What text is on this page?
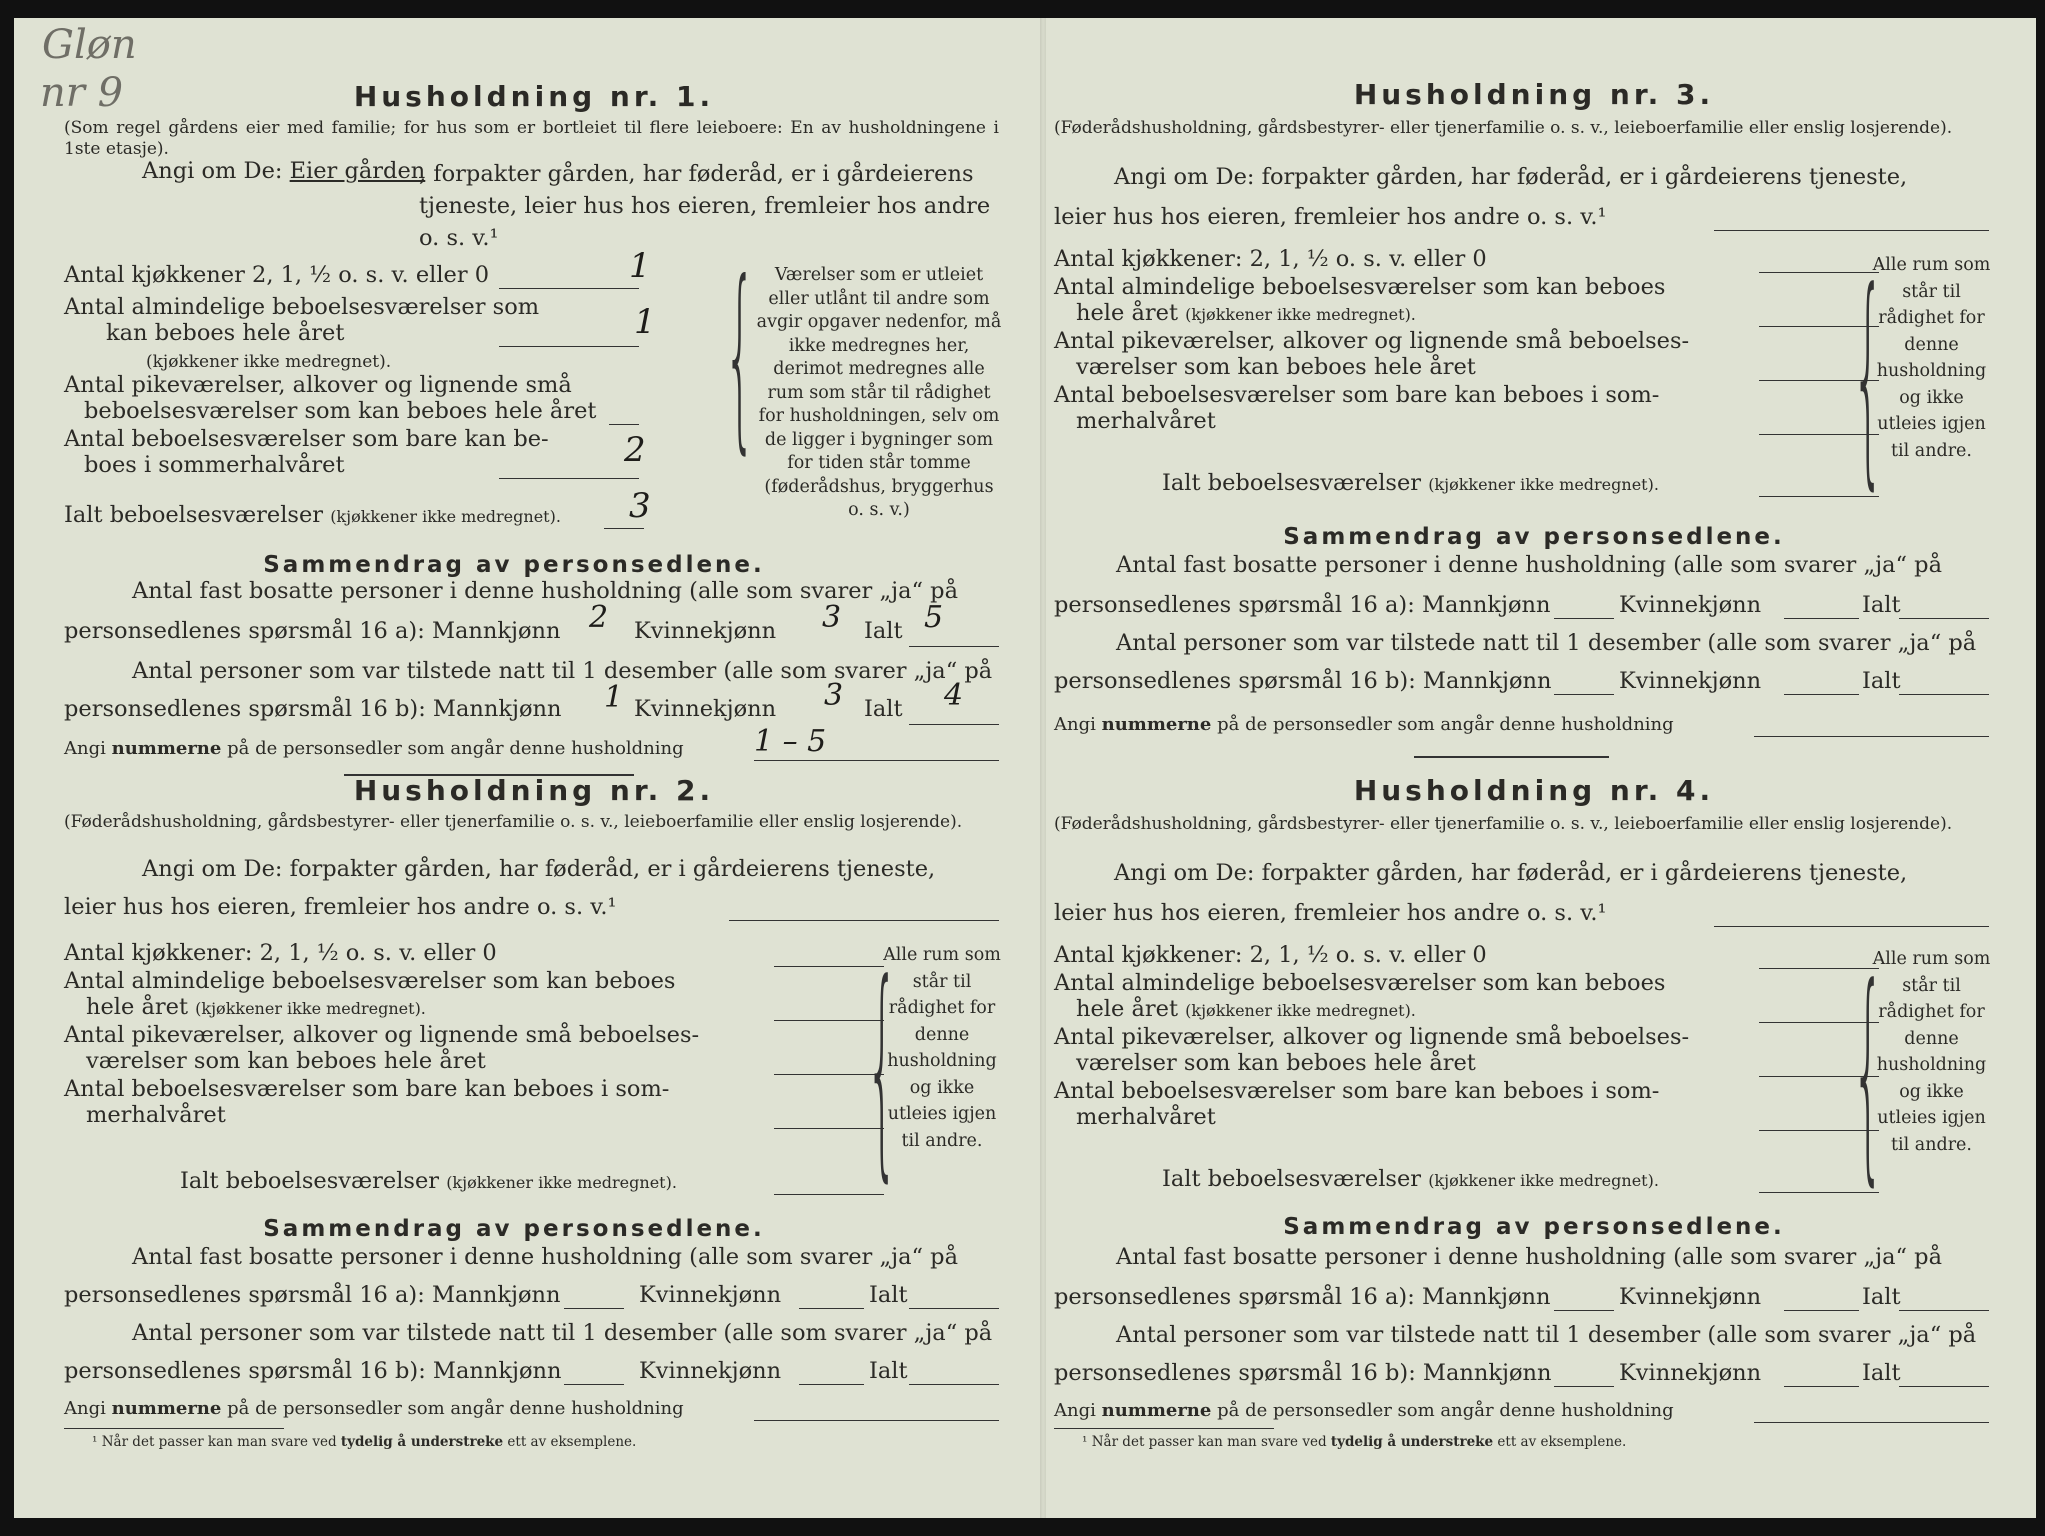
Gløn
nr 9	Husholdning nr. 1.

(Som regel gårdens eier med familie; for hus som er bortleiet til flere leieboere: En av husholdningene i 1ste etasje).

Angi om De: Eier gården

, forpakter gården, har føderåd, er i gårdeierens tjeneste, leier hus hos eieren, fremleier hos andre o. s. v.¹

Antal kjøkkener 2, 1, ½ o. s. v. eller 0	1

Antal almindelige beboelsesværelser som

kan beboes hele året	1

(kjøkkener ikke medregnet).

Antal pikeværelser, alkover og lignende små

beboelsesværelser som kan beboes hele året

Antal beboelsesværelser som bare kan be-

boes i sommerhalvåret	2

Ialt beboelsesværelser (kjøkkener ikke medregnet). 3
{	Værelser som er utleiet eller utlånt til andre som avgir opgaver nedenfor, må ikke medregnes her, derimot medregnes alle rum som står til rådighet for husholdningen, selv om de ligger i bygninger som for tiden står tomme (føderådshus, bryggerhus o. s. v.)

Sammendrag av personsedlene.

Antal fast bosatte personer i denne husholdning (alle som svarer „ja“ på

personsedlenes spørsmål 16 a): Mannkjønn 2 Kvinnekjønn 3 Ialt 5

Antal personer som var tilstede natt til 1 desember (alle som svarer „ja“ på

personsedlenes spørsmål 16 b): Mannkjønn 1 Kvinnekjønn 3 Ialt 4

Angi nummerne på de personsedler som angår denne husholdning 1 – 5
Husholdning nr. 2.

(Føderådshusholdning, gårdsbestyrer- eller tjenerfamilie o. s. v., leieboerfamilie eller enslig losjerende).

Angi om De: forpakter gården, har føderåd, er i gårdeierens tjeneste,

leier hus hos eieren, fremleier hos andre o. s. v.¹

Antal kjøkkener: 2, 1, ½ o. s. v. eller 0

Antal almindelige beboelsesværelser som kan beboes

hele året (kjøkkener ikke medregnet).

Antal pikeværelser, alkover og lignende små beboelses-

værelser som kan beboes hele året

Antal beboelsesværelser som bare kan beboes i som-

merhalvåret

Ialt beboelsesværelser (kjøkkener ikke medregnet). {

Alle rum som står til rådighet for denne husholdning og ikke utleies igjen til andre.

Sammendrag av personsedlene.

Antal fast bosatte personer i denne husholdning (alle som svarer „ja“ på

personsedlenes spørsmål 16 a): Mannkjønn	Kvinnekjønn	Ialt

Antal personer som var tilstede natt til 1 desember (alle som svarer „ja“ på

personsedlenes spørsmål 16 b): Mannkjønn	Kvinnekjønn	Ialt

Angi nummerne på de personsedler som angår denne husholdning

¹ Når det passer kan man svare ved tydelig å understreke ett av eksemplene.

Husholdning nr. 3.

(Føderådshusholdning, gårdsbestyrer- eller tjenerfamilie o. s. v., leieboerfamilie eller enslig losjerende).

Angi om De: forpakter gården, har føderåd, er i gårdeierens tjeneste,

leier hus hos eieren, fremleier hos andre o. s. v.¹

Antal kjøkkener: 2, 1, ½ o. s. v. eller 0

Antal almindelige beboelsesværelser som kan beboes

hele året (kjøkkener ikke medregnet).

Antal pikeværelser, alkover og lignende små beboelses-

værelser som kan beboes hele året

Antal beboelsesværelser som bare kan beboes i som-

merhalvåret

Ialt beboelsesværelser (kjøkkener ikke medregnet). {

Alle rum som står til rådighet for denne husholdning og ikke utleies igjen til andre.

Sammendrag av personsedlene.

Antal fast bosatte personer i denne husholdning (alle som svarer „ja“ på

personsedlenes spørsmål 16 a): Mannkjønn	Kvinnekjønn	Ialt

Antal personer som var tilstede natt til 1 desember (alle som svarer „ja“ på

personsedlenes spørsmål 16 b): Mannkjønn	Kvinnekjønn	Ialt

Angi nummerne på de personsedler som angår denne husholdning

Husholdning nr. 4.

(Føderådshusholdning, gårdsbestyrer- eller tjenerfamilie o. s. v., leieboerfamilie eller enslig losjerende).

Angi om De: forpakter gården, har føderåd, er i gårdeierens tjeneste,

leier hus hos eieren, fremleier hos andre o. s. v.¹

Antal kjøkkener: 2, 1, ½ o. s. v. eller 0

Antal almindelige beboelsesværelser som kan beboes

hele året (kjøkkener ikke medregnet).

Antal pikeværelser, alkover og lignende små beboelses-

værelser som kan beboes hele året

Antal beboelsesværelser som bare kan beboes i som-

merhalvåret

Ialt beboelsesværelser (kjøkkener ikke medregnet). {

Alle rum som står til rådighet for denne husholdning og ikke utleies igjen til andre.

Sammendrag av personsedlene.

Antal fast bosatte personer i denne husholdning (alle som svarer „ja“ på

personsedlenes spørsmål 16 a): Mannkjønn	Kvinnekjønn	Ialt

Antal personer som var tilstede natt til 1 desember (alle som svarer „ja“ på

personsedlenes spørsmål 16 b): Mannkjønn	Kvinnekjønn	Ialt

Angi nummerne på de personsedler som angår denne husholdning

¹ Når det passer kan man svare ved tydelig å understreke ett av eksemplene.
